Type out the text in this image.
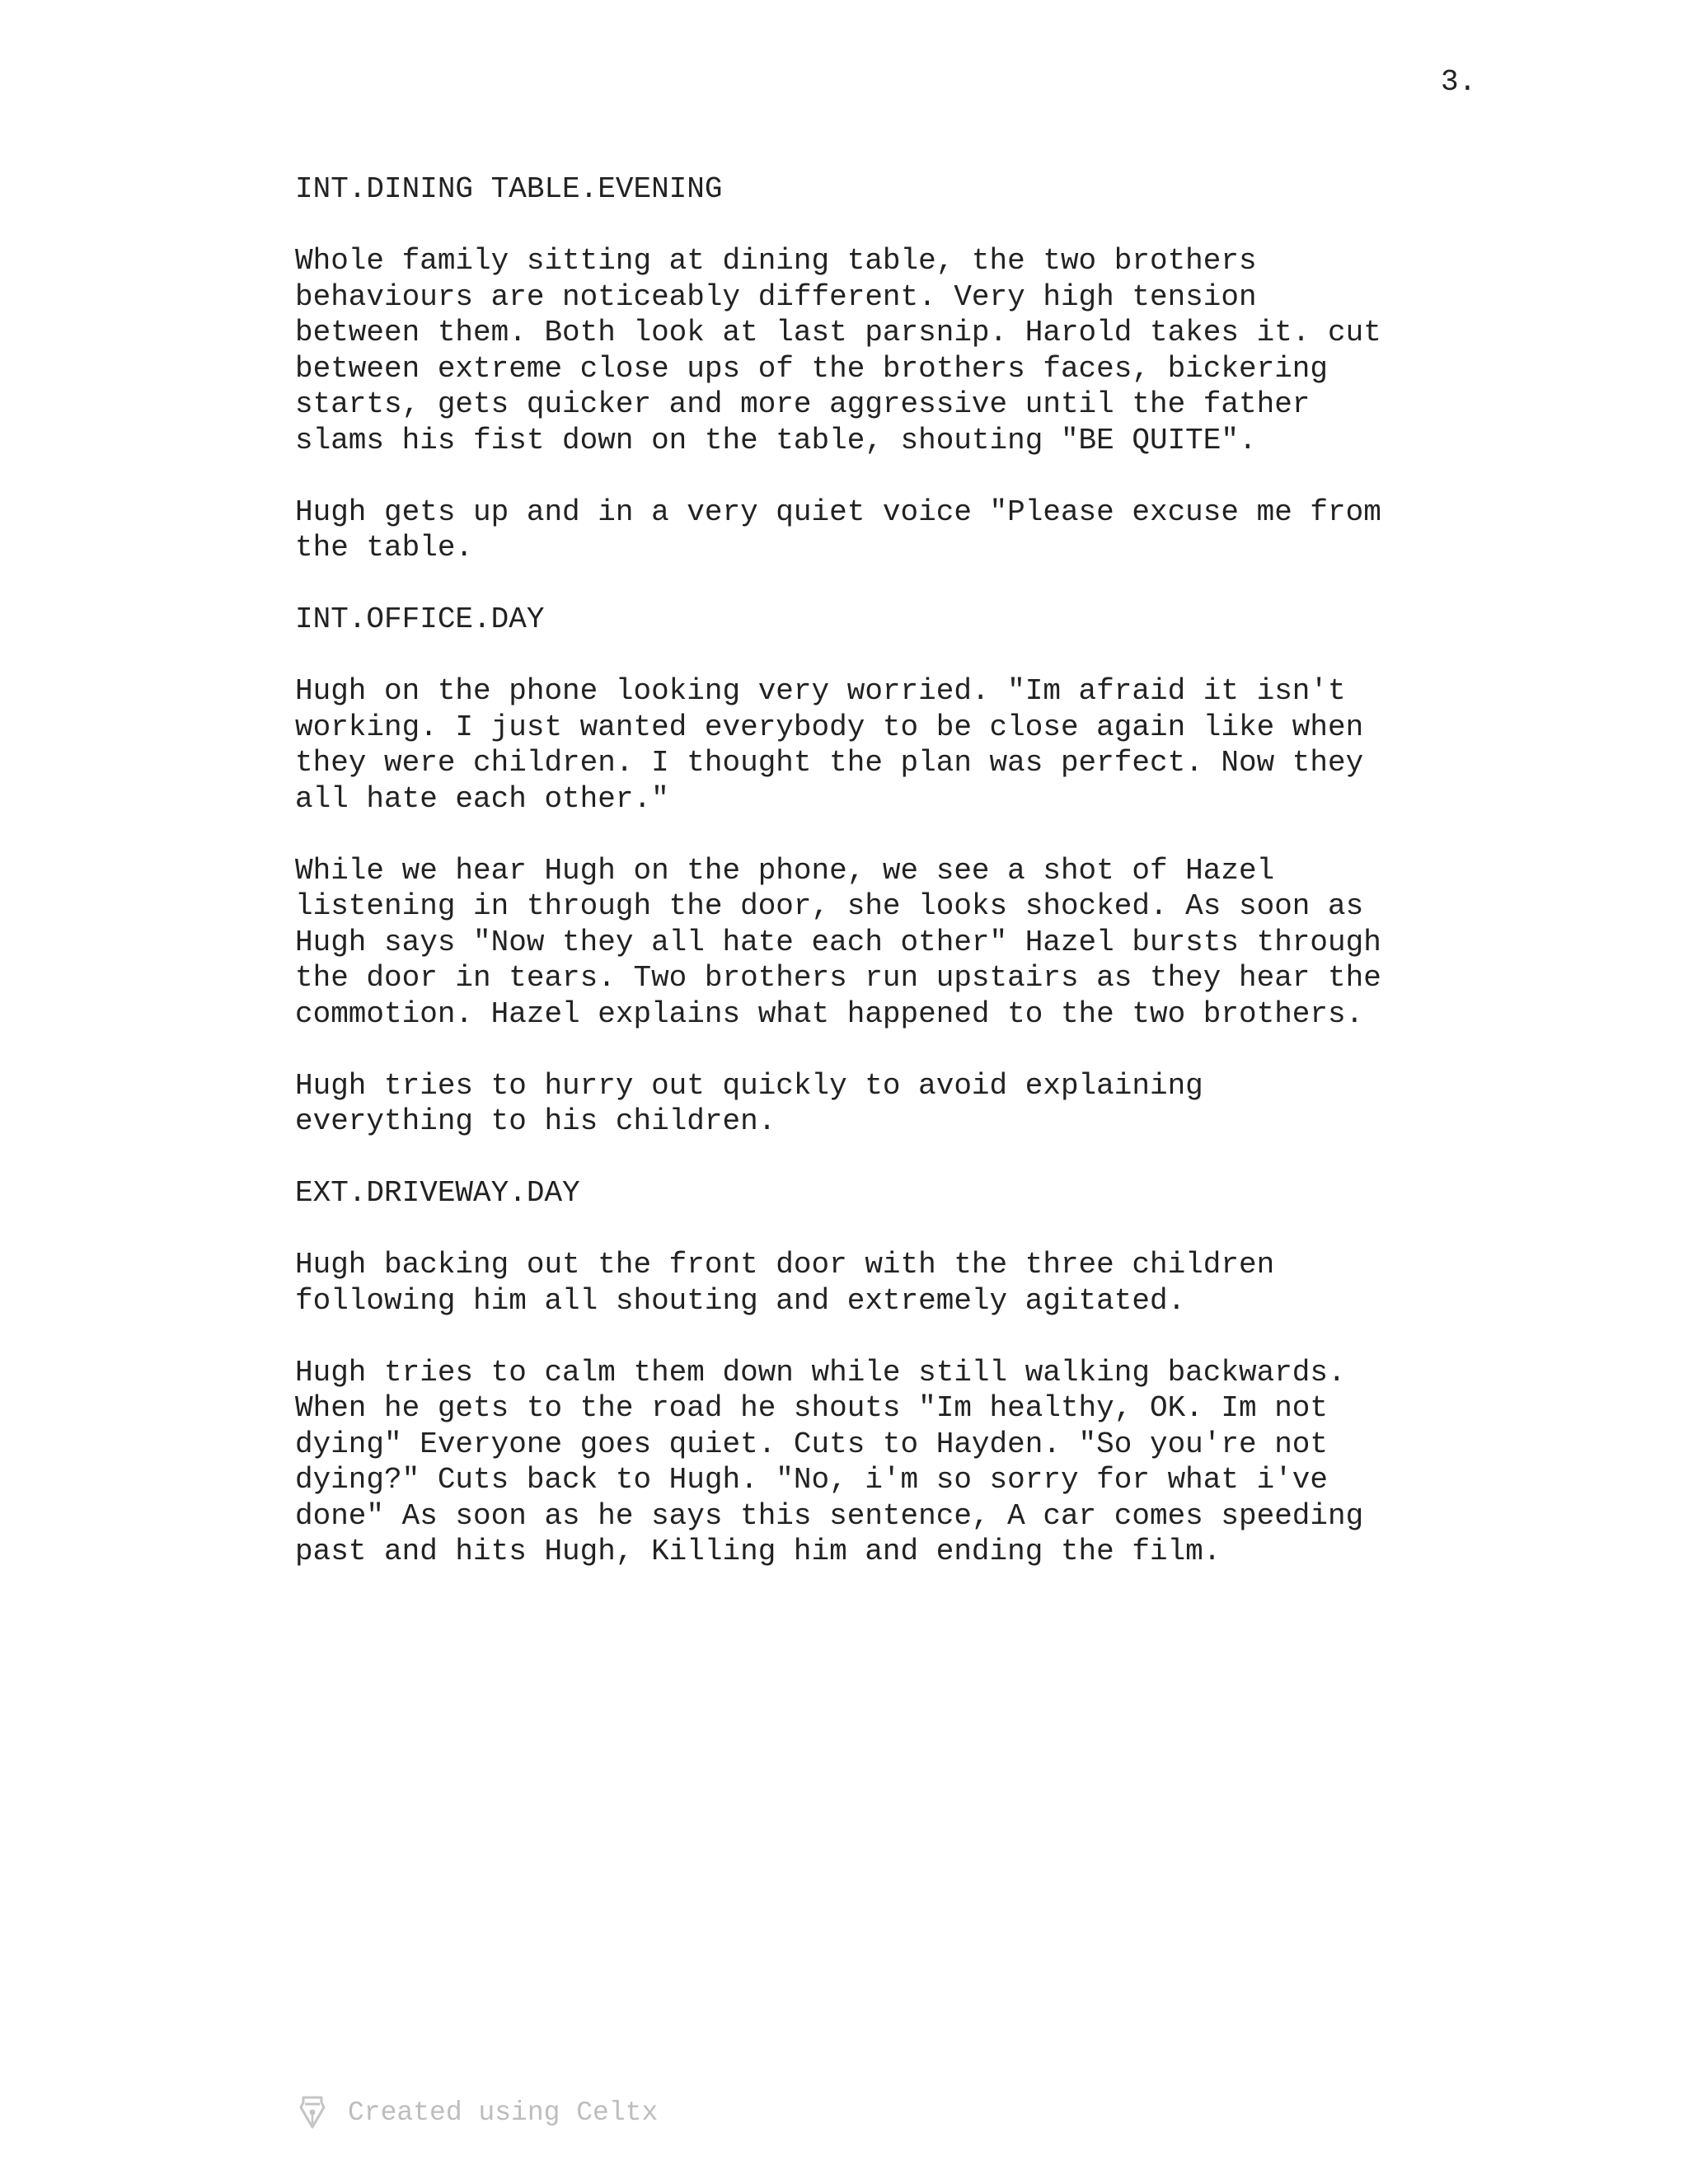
3.
INT.DINING TABLE.EVENING
Whole family sitting at dining table, the two brothers
behaviours are noticeably different. Very high tension
between them. Both look at last parsnip. Harold takes it. cut
between extreme close ups of the brothers faces, bickering
starts, gets quicker and more aggressive until the father
slams his fist down on the table, shouting "BE QUITE".
Hugh gets up and in a very quiet voice "Please excuse me from
the table.
INT.OFFICE.DAY
Hugh on the phone looking very worried. "Im afraid it isn't
working. I just wanted everybody to be close again like when
they were children. I thought the plan was perfect. Now they
all hate each other."
While we hear Hugh on the phone, we see a shot of Hazel
listening in through the door, she looks shocked. As soon as
Hugh says "Now they all hate each other" Hazel bursts through
the door in tears. Two brothers run upstairs as they hear the
commotion. Hazel explains what happened to the two brothers.
Hugh tries to hurry out quickly to avoid explaining
everything to his children.
EXT.DRIVEWAY.DAY
Hugh backing out the front door with the three children
following him all shouting and extremely agitated.
Hugh tries to calm them down while still walking backwards.
When he gets to the road he shouts "Im healthy, OK. Im not
dying" Everyone goes quiet. Cuts to Hayden. "So you're not
dying?" Cuts back to Hugh. "No, i'm so sorry for what i've
done" As soon as he says this sentence, A car comes speeding
past and hits Hugh, Killing him and ending the film.
Created using Celtx
